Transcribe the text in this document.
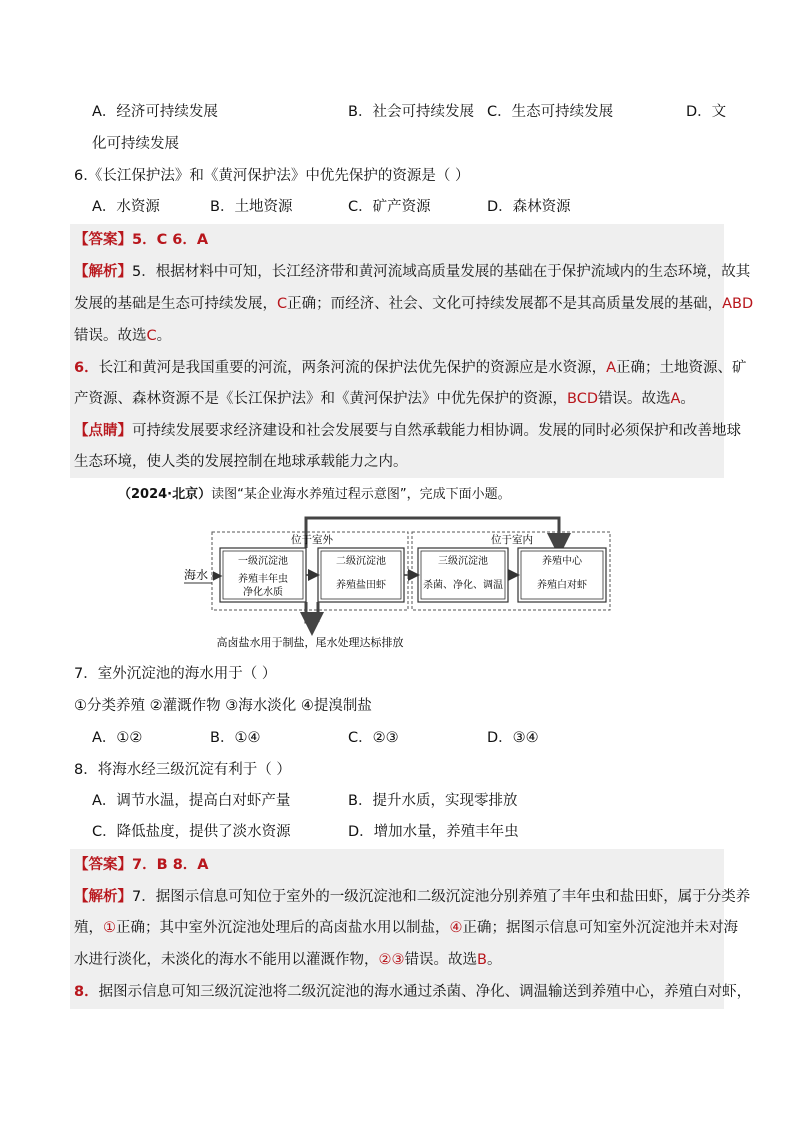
A．经济可持续发展	B．社会可持续发展 C．生态可持续发展	D．文
化可持续发展
6.《长江保护法》和《黄河保护法》中优先保护的资源是（ ）
A．水资源	B．土地资源	C．矿产资源	D．森林资源
【答案】5．C 6．A
【解析】5．根据材料中可知，长江经济带和黄河流域高质量发展的基础在于保护流域内的生态环境，故其
发展的基础是生态可持续发展，C正确；而经济、社会、文化可持续发展都不是其高质量发展的基础，ABD
错误。故选C。
6．长江和黄河是我国重要的河流，两条河流的保护法优先保护的资源应是水资源，A正确；土地资源、矿
产资源、森林资源不是《长江保护法》和《黄河保护法》中优先保护的资源，BCD错误。故选A。
【点睛】可持续发展要求经济建设和社会发展要与自然承载能力相协调。发展的同时必须保护和改善地球
生态环境，使人类的发展控制在地球承载能力之内。
（2024·北京）读图“某企业海水养殖过程示意图”，完成下面小题。
位于室外	位于室内
一级沉淀池
养殖丰年虫
净化水质
二级沉淀池
养殖盐田虾
三级沉淀池
杀菌、净化、调温
养殖中心
养殖白对虾
海水
高卤盐水用于制盐，尾水处理达标排放
7．室外沉淀池的海水用于（ ）
①分类养殖 ②灌溉作物 ③海水淡化 ④提溴制盐
A．①②	B．①④	C．②③	D．③④
8．将海水经三级沉淀有利于（ ）
A．调节水温，提高白对虾产量	B．提升水质，实现零排放
C．降低盐度，提供了淡水资源	D．增加水量，养殖丰年虫
【答案】7．B 8．A
【解析】7．据图示信息可知位于室外的一级沉淀池和二级沉淀池分别养殖了丰年虫和盐田虾，属于分类养
殖，①正确；其中室外沉淀池处理后的高卤盐水用以制盐，④正确；据图示信息可知室外沉淀池并未对海
水进行淡化，未淡化的海水不能用以灌溉作物，②③错误。故选B。
8．据图示信息可知三级沉淀池将二级沉淀池的海水通过杀菌、净化、调温输送到养殖中心，养殖白对虾，
